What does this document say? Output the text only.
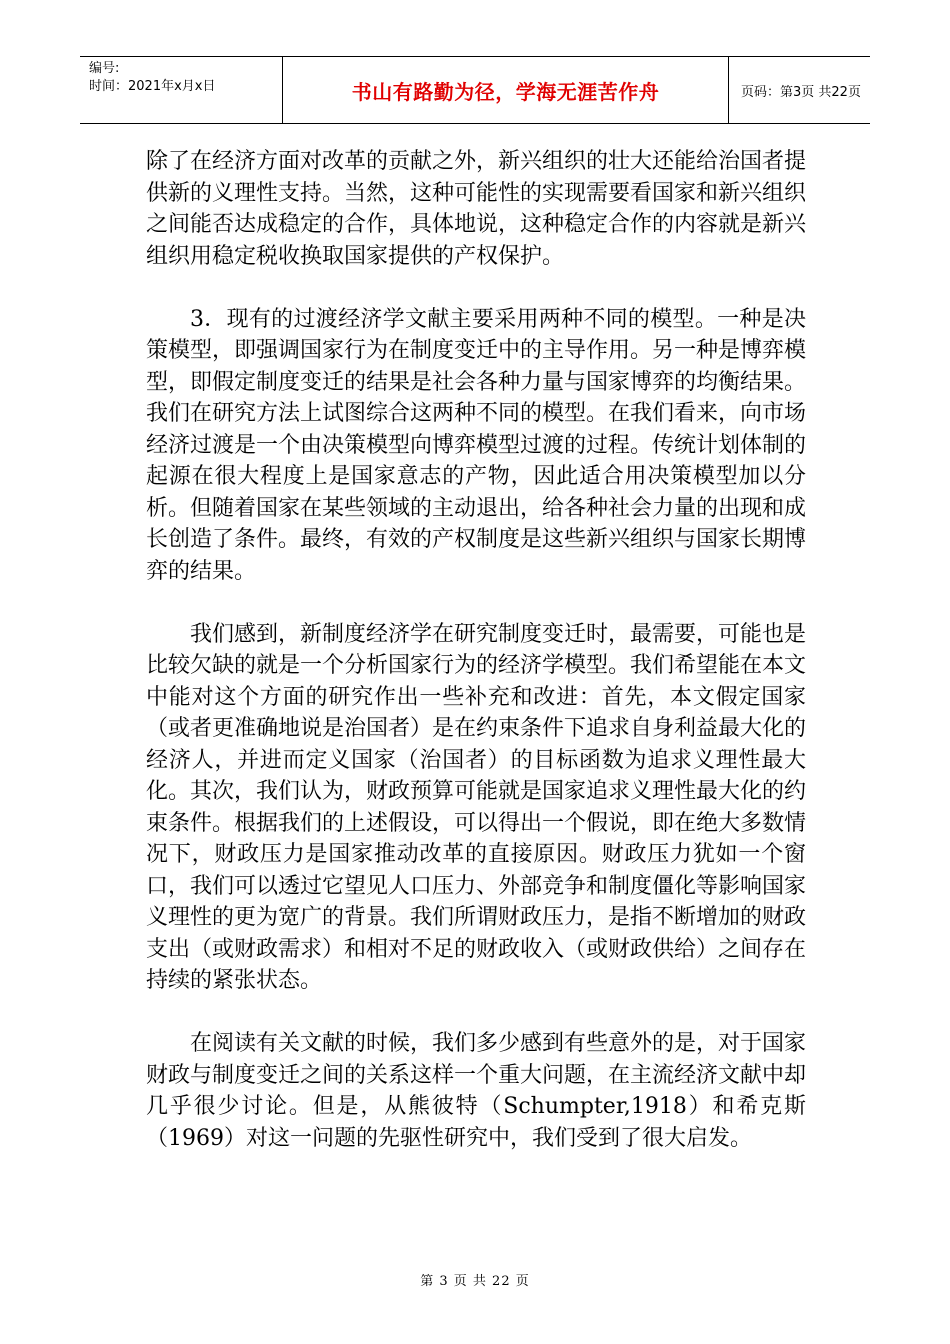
编号:
时间：2021年x月x日	书山有路勤为径，学海无涯苦作舟	页码：第3页 共22页

除了在经济方面对改革的贡献之外，新兴组织的壮大还能给治国者提供新的义理性支持。当然，这种可能性的实现需要看国家和新兴组织之间能否达成稳定的合作，具体地说，这种稳定合作的内容就是新兴组织用稳定税收换取国家提供的产权保护。

3．现有的过渡经济学文献主要采用两种不同的模型。一种是决策模型，即强调国家行为在制度变迁中的主导作用。另一种是博弈模型，即假定制度变迁的结果是社会各种力量与国家博弈的均衡结果。我们在研究方法上试图综合这两种不同的模型。在我们看来，向市场经济过渡是一个由决策模型向博弈模型过渡的过程。传统计划体制的起源在很大程度上是国家意志的产物，因此适合用决策模型加以分析。但随着国家在某些领域的主动退出，给各种社会力量的出现和成长创造了条件。最终，有效的产权制度是这些新兴组织与国家长期博弈的结果。

我们感到，新制度经济学在研究制度变迁时，最需要，可能也是比较欠缺的就是一个分析国家行为的经济学模型。我们希望能在本文中能对这个方面的研究作出一些补充和改进：首先，本文假定国家（或者更准确地说是治国者）是在约束条件下追求自身利益最大化的经济人，并进而定义国家（治国者）的目标函数为追求义理性最大化。其次，我们认为，财政预算可能就是国家追求义理性最大化的约束条件。根据我们的上述假设，可以得出一个假说，即在绝大多数情况下，财政压力是国家推动改革的直接原因。财政压力犹如一个窗口，我们可以透过它望见人口压力、外部竞争和制度僵化等影响国家义理性的更为宽广的背景。我们所谓财政压力，是指不断增加的财政支出（或财政需求）和相对不足的财政收入（或财政供给）之间存在持续的紧张状态。

在阅读有关文献的时候，我们多少感到有些意外的是，对于国家财政与制度变迁之间的关系这样一个重大问题，在主流经济文献中却几乎很少讨论。但是，从熊彼特（Schumpter,1918）和希克斯（1969）对这一问题的先驱性研究中，我们受到了很大启发。

第 3 页 共 22 页
